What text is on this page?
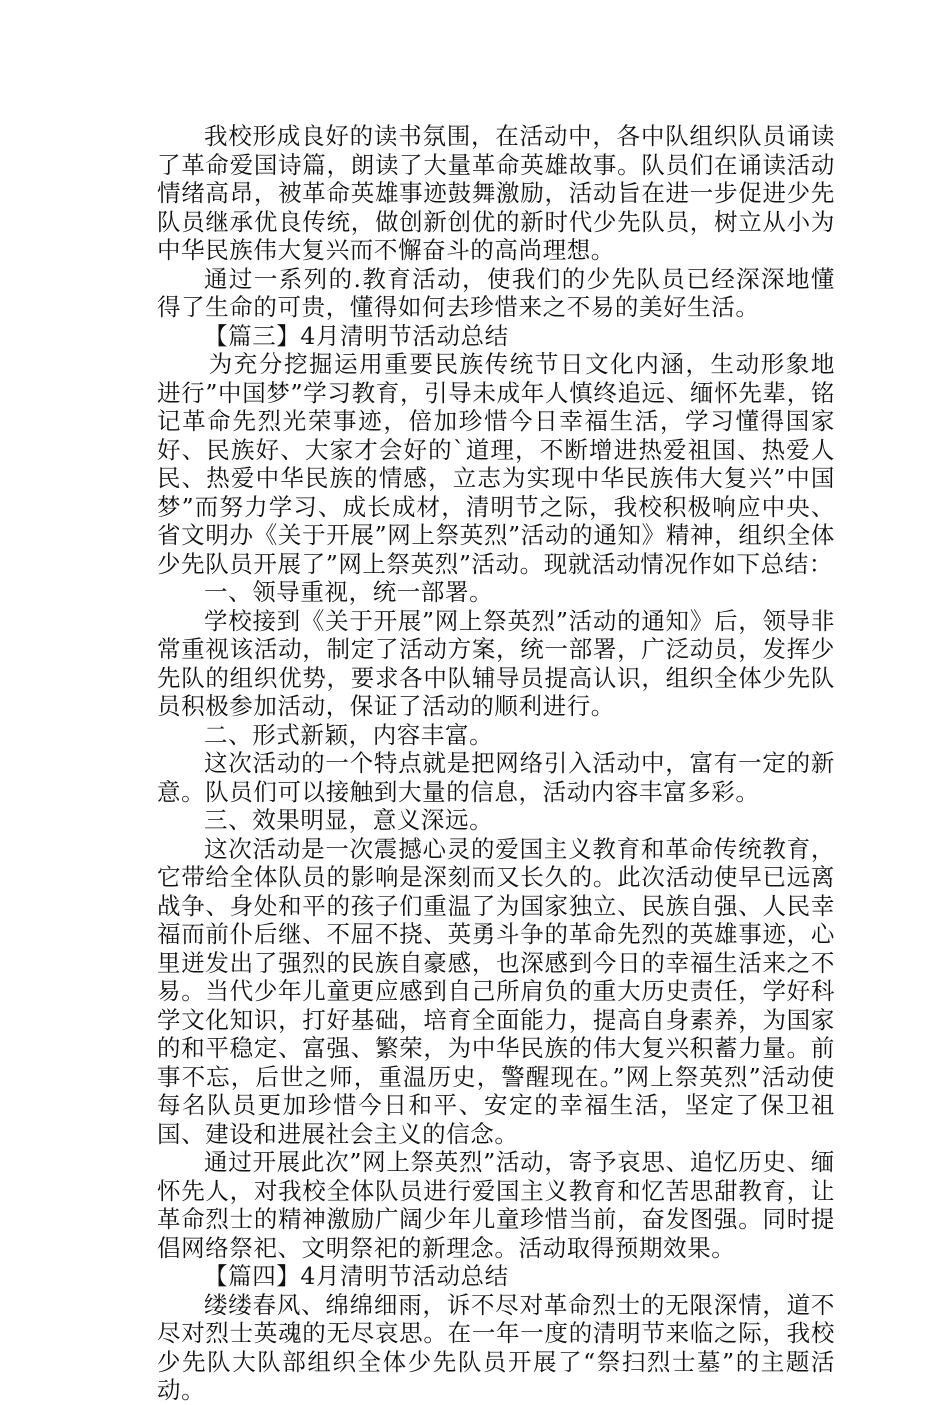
我校形成良好的读书氛围，在活动中，各中队组织队员诵读了革命爱国诗篇，朗读了大量革命英雄故事。队员们在诵读活动情绪高昂，被革命英雄事迹鼓舞激励，活动旨在进一步促进少先队员继承优良传统，做创新创优的新时代少先队员，树立从小为中华民族伟大复兴而不懈奋斗的高尚理想。

通过一系列的.教育活动，使我们的少先队员已经深深地懂得了生命的可贵，懂得如何去珍惜来之不易的美好生活。

【篇三】4月清明节活动总结

为充分挖掘运用重要民族传统节日文化内涵，生动形象地进行”中国梦”学习教育，引导未成年人慎终追远、缅怀先辈，铭记革命先烈光荣事迹，倍加珍惜今日幸福生活，学习懂得国家好、民族好、大家才会好的`道理，不断增进热爱祖国、热爱人民、热爱中华民族的情感，立志为实现中华民族伟大复兴”中国梦”而努力学习、成长成材，清明节之际，我校积极响应中央、省文明办《关于开展”网上祭英烈”活动的通知》精神，组织全体少先队员开展了”网上祭英烈”活动。现就活动情况作如下总结：

一、领导重视，统一部署。

学校接到《关于开展”网上祭英烈”活动的通知》后，领导非常重视该活动，制定了活动方案，统一部署，广泛动员，发挥少先队的组织优势，要求各中队辅导员提高认识，组织全体少先队员积极参加活动，保证了活动的顺利进行。

二、形式新颖，内容丰富。

这次活动的一个特点就是把网络引入活动中，富有一定的新意。队员们可以接触到大量的信息，活动内容丰富多彩。

三、效果明显，意义深远。

这次活动是一次震撼心灵的爱国主义教育和革命传统教育，它带给全体队员的影响是深刻而又长久的。此次活动使早已远离战争、身处和平的孩子们重温了为国家独立、民族自强、人民幸福而前仆后继、不屈不挠、英勇斗争的革命先烈的英雄事迹，心里迸发出了强烈的民族自豪感，也深感到今日的幸福生活来之不易。当代少年儿童更应感到自己所肩负的重大历史责任，学好科学文化知识，打好基础，培育全面能力，提高自身素养，为国家的和平稳定、富强、繁荣，为中华民族的伟大复兴积蓄力量。前事不忘，后世之师，重温历史，警醒现在。”网上祭英烈”活动使每名队员更加珍惜今日和平、安定的幸福生活，坚定了保卫祖国、建设和进展社会主义的信念。

通过开展此次”网上祭英烈”活动，寄予哀思、追忆历史、缅怀先人，对我校全体队员进行爱国主义教育和忆苦思甜教育，让革命烈士的精神激励广阔少年儿童珍惜当前，奋发图强。同时提倡网络祭祀、文明祭祀的新理念。活动取得预期效果。

【篇四】4月清明节活动总结

缕缕春风、绵绵细雨，诉不尽对革命烈士的无限深情，道不尽对烈士英魂的无尽哀思。在一年一度的清明节来临之际，我校少先队大队部组织全体少先队员开展了“祭扫烈士墓”的主题活动。
